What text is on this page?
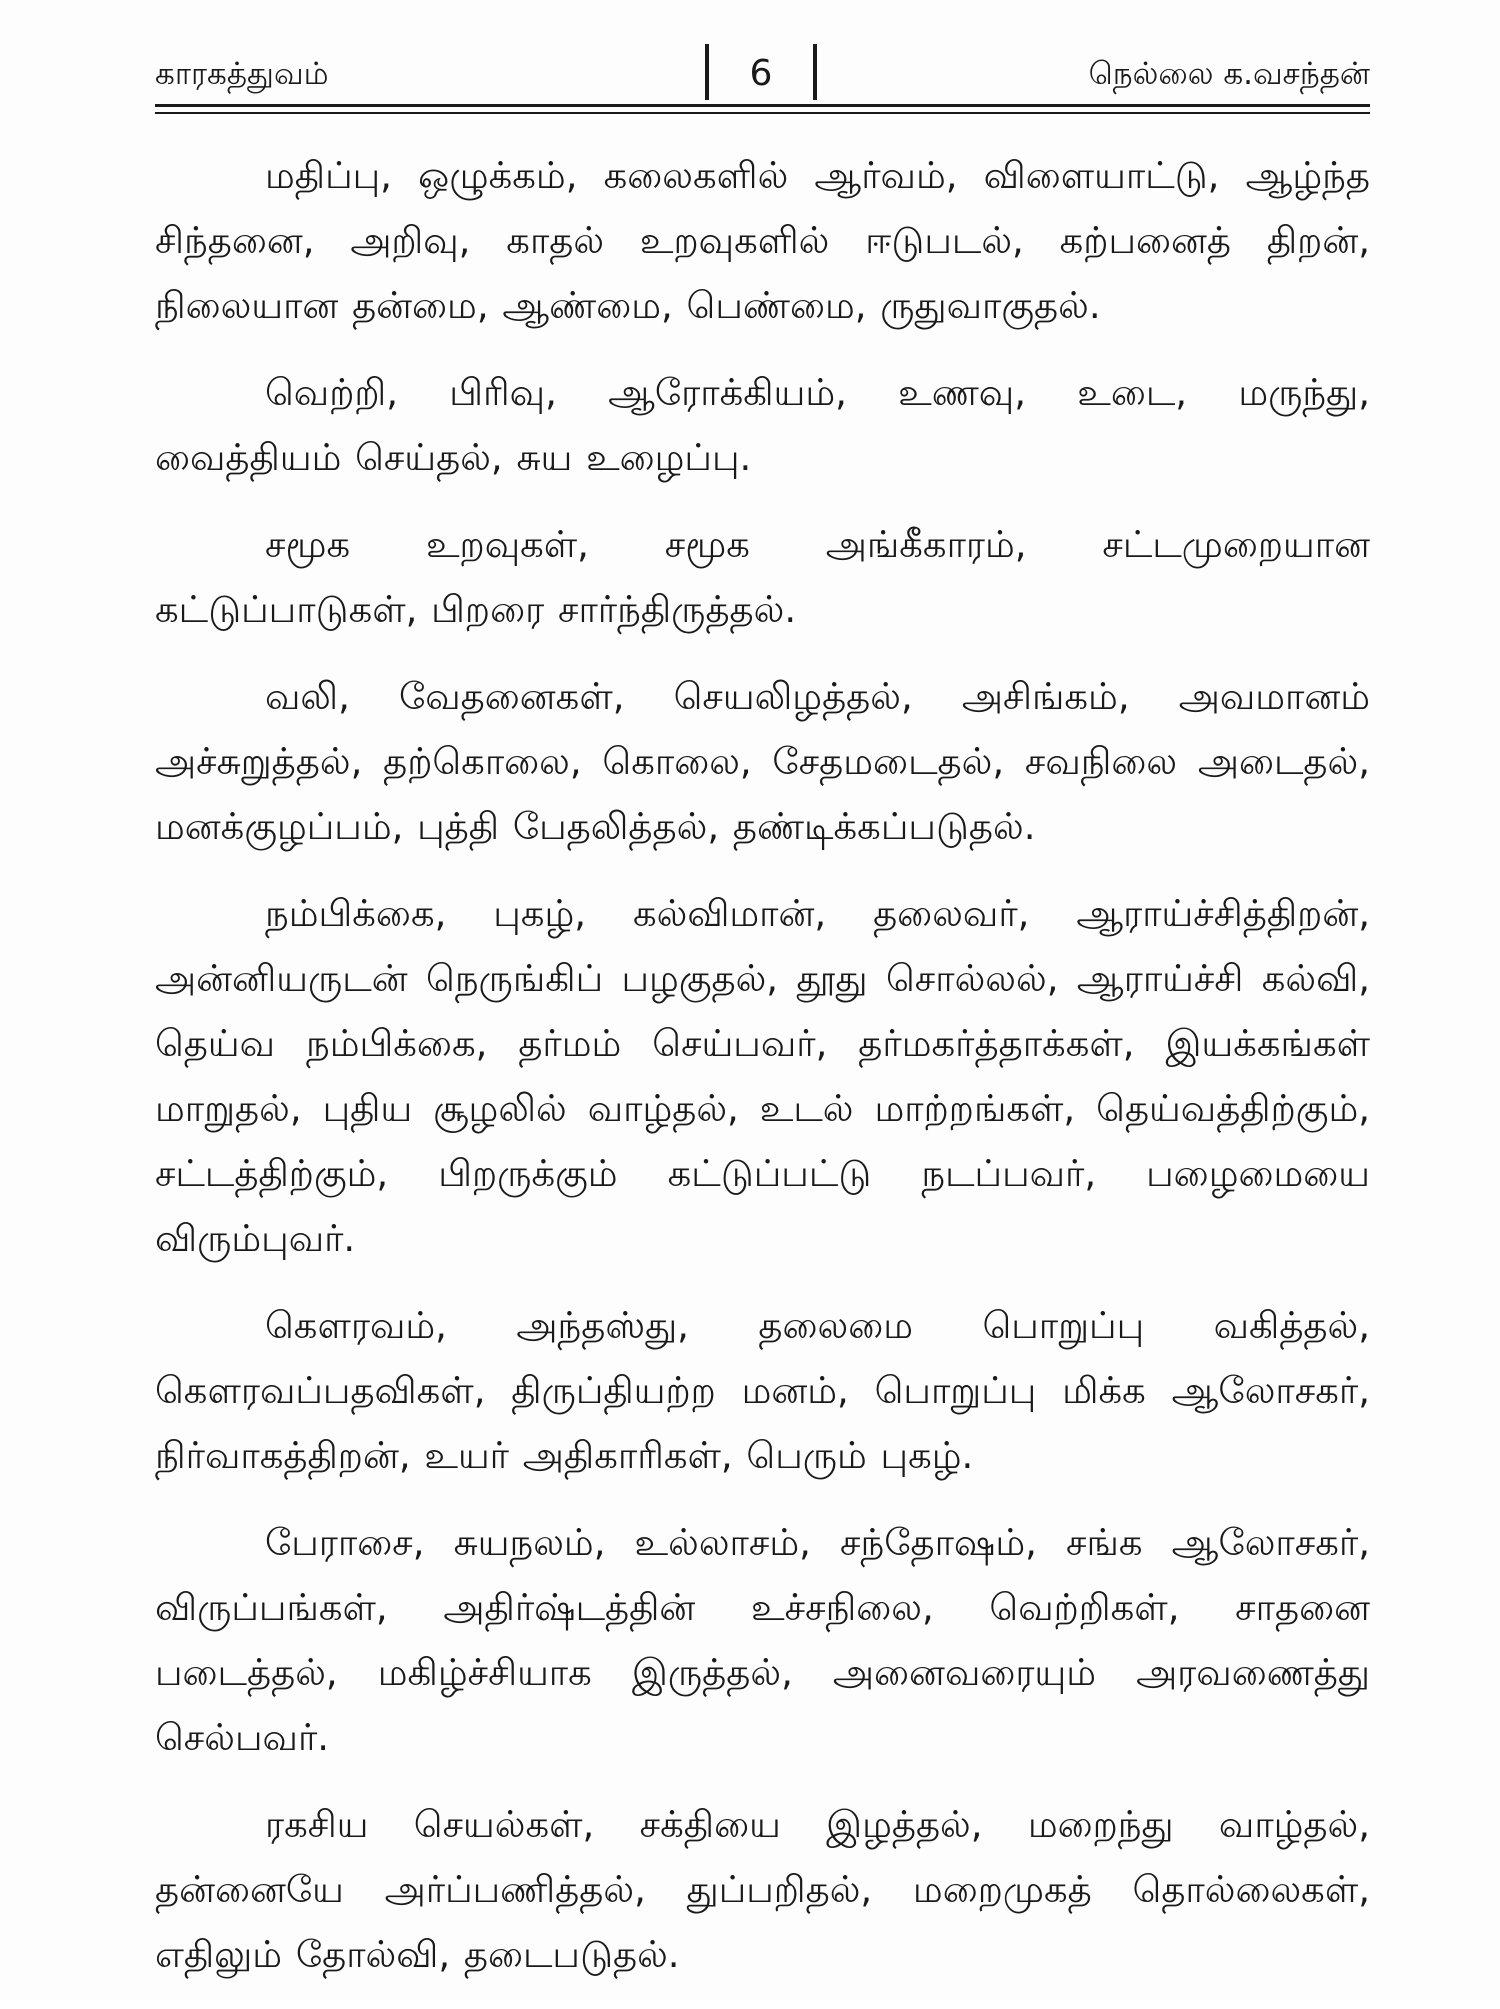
காரகத்துவம்	6	நெல்லை க.வசந்தன்

மதிப்பு, ஒழுக்கம், கலைகளில் ஆர்வம், விளையாட்டு, ஆழ்ந்த சிந்தனை, அறிவு, காதல் உறவுகளில் ஈடுபடல், கற்பனைத் திறன், நிலையான தன்மை, ஆண்மை, பெண்மை, ருதுவாகுதல்.

வெற்றி, பிரிவு, ஆரோக்கியம், உணவு, உடை, மருந்து, வைத்தியம் செய்தல், சுய உழைப்பு.

சமூக உறவுகள், சமூக அங்கீகாரம், சட்டமுறையான கட்டுப்பாடுகள், பிறரை சார்ந்திருத்தல்.

வலி, வேதனைகள், செயலிழத்தல், அசிங்கம், அவமானம் அச்சுறுத்தல், தற்கொலை, கொலை, சேதமடைதல், சவநிலை அடைதல், மனக்குழப்பம், புத்தி பேதலித்தல், தண்டிக்கப்படுதல்.

நம்பிக்கை, புகழ், கல்விமான், தலைவர், ஆராய்ச்சித்திறன், அன்னியருடன் நெருங்கிப் பழகுதல், தூது சொல்லல், ஆராய்ச்சி கல்வி, தெய்வ நம்பிக்கை, தர்மம் செய்பவர், தர்மகர்த்தாக்கள், இயக்கங்கள் மாறுதல், புதிய சூழலில் வாழ்தல், உடல் மாற்றங்கள், தெய்வத்திற்கும், சட்டத்திற்கும், பிறருக்கும் கட்டுப்பட்டு நடப்பவர், பழைமையை விரும்புவர்.

கௌரவம், அந்தஸ்து, தலைமை பொறுப்பு வகித்தல், கௌரவப்பதவிகள், திருப்தியற்ற மனம், பொறுப்பு மிக்க ஆலோசகர், நிர்வாகத்திறன், உயர் அதிகாரிகள், பெரும் புகழ்.

பேராசை, சுயநலம், உல்லாசம், சந்தோஷம், சங்க ஆலோசகர், விருப்பங்கள், அதிர்ஷ்டத்தின் உச்சநிலை, வெற்றிகள், சாதனை படைத்தல், மகிழ்ச்சியாக இருத்தல், அனைவரையும் அரவணைத்து செல்பவர்.

ரகசிய செயல்கள், சக்தியை இழத்தல், மறைந்து வாழ்தல், தன்னையே அர்ப்பணித்தல், துப்பறிதல், மறைமுகத் தொல்லைகள், எதிலும் தோல்வி, தடைபடுதல்.
